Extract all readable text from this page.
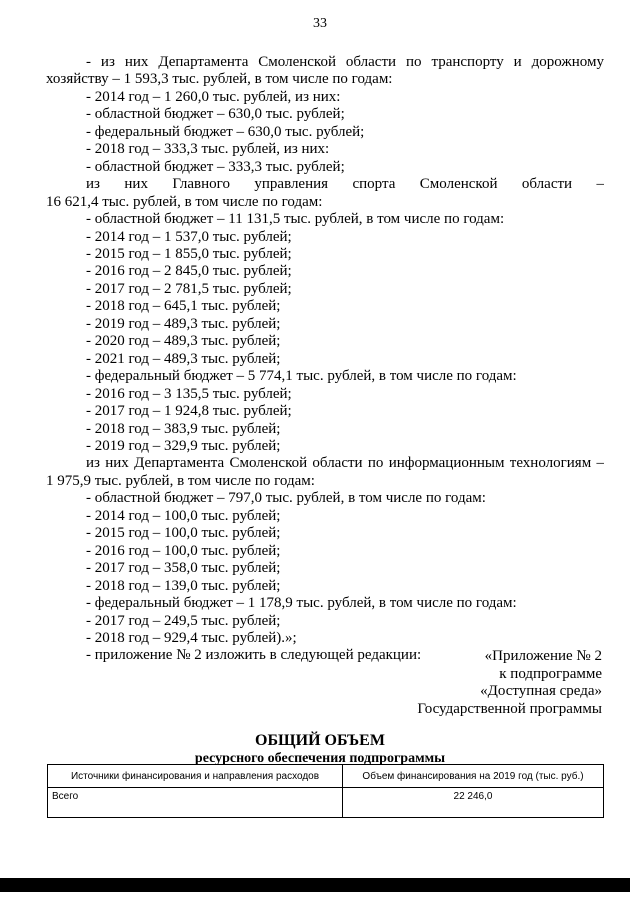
33
- из них Департамента Смоленской области по транспорту и дорожному
хозяйству – 1 593,3 тыс. рублей, в том числе по годам:
- 2014 год – 1 260,0 тыс. рублей, из них:
- областной бюджет – 630,0 тыс. рублей;
- федеральный бюджет – 630,0 тыс. рублей;
- 2018 год – 333,3 тыс. рублей, из них:
- областной бюджет – 333,3 тыс. рублей;
из них Главного управления спорта Смоленской области –
16 621,4 тыс. рублей, в том числе по годам:
- областной бюджет – 11 131,5 тыс. рублей, в том числе по годам:
- 2014 год – 1 537,0 тыс. рублей;
- 2015 год – 1 855,0 тыс. рублей;
- 2016 год – 2 845,0 тыс. рублей;
- 2017 год – 2 781,5 тыс. рублей;
- 2018 год – 645,1 тыс. рублей;
- 2019 год – 489,3 тыс. рублей;
- 2020 год – 489,3 тыс. рублей;
- 2021 год – 489,3 тыс. рублей;
- федеральный бюджет – 5 774,1 тыс. рублей, в том числе по годам:
- 2016 год – 3 135,5 тыс. рублей;
- 2017 год – 1 924,8 тыс. рублей;
- 2018 год – 383,9 тыс. рублей;
- 2019 год – 329,9 тыс. рублей;
из них Департамента Смоленской области по информационным технологиям –
1 975,9 тыс. рублей, в том числе по годам:
- областной бюджет – 797,0 тыс. рублей, в том числе по годам:
- 2014 год – 100,0 тыс. рублей;
- 2015 год – 100,0 тыс. рублей;
- 2016 год – 100,0 тыс. рублей;
- 2017 год – 358,0 тыс. рублей;
- 2018 год – 139,0 тыс. рублей;
- федеральный бюджет – 1 178,9 тыс. рублей, в том числе по годам:
- 2017 год – 249,5 тыс. рублей;
- 2018 год – 929,4 тыс. рублей).»;
- приложение № 2 изложить в следующей редакции:	«Приложение № 2
к подпрограмме
«Доступная среда»
Государственной программы
ОБЩИЙ ОБЪЕМ
ресурсного обеспечения подпрограммы
Источники финансирования и направления расходов	Объем финансирования на 2019 год (тыс. руб.)
Всего	22 246,0
